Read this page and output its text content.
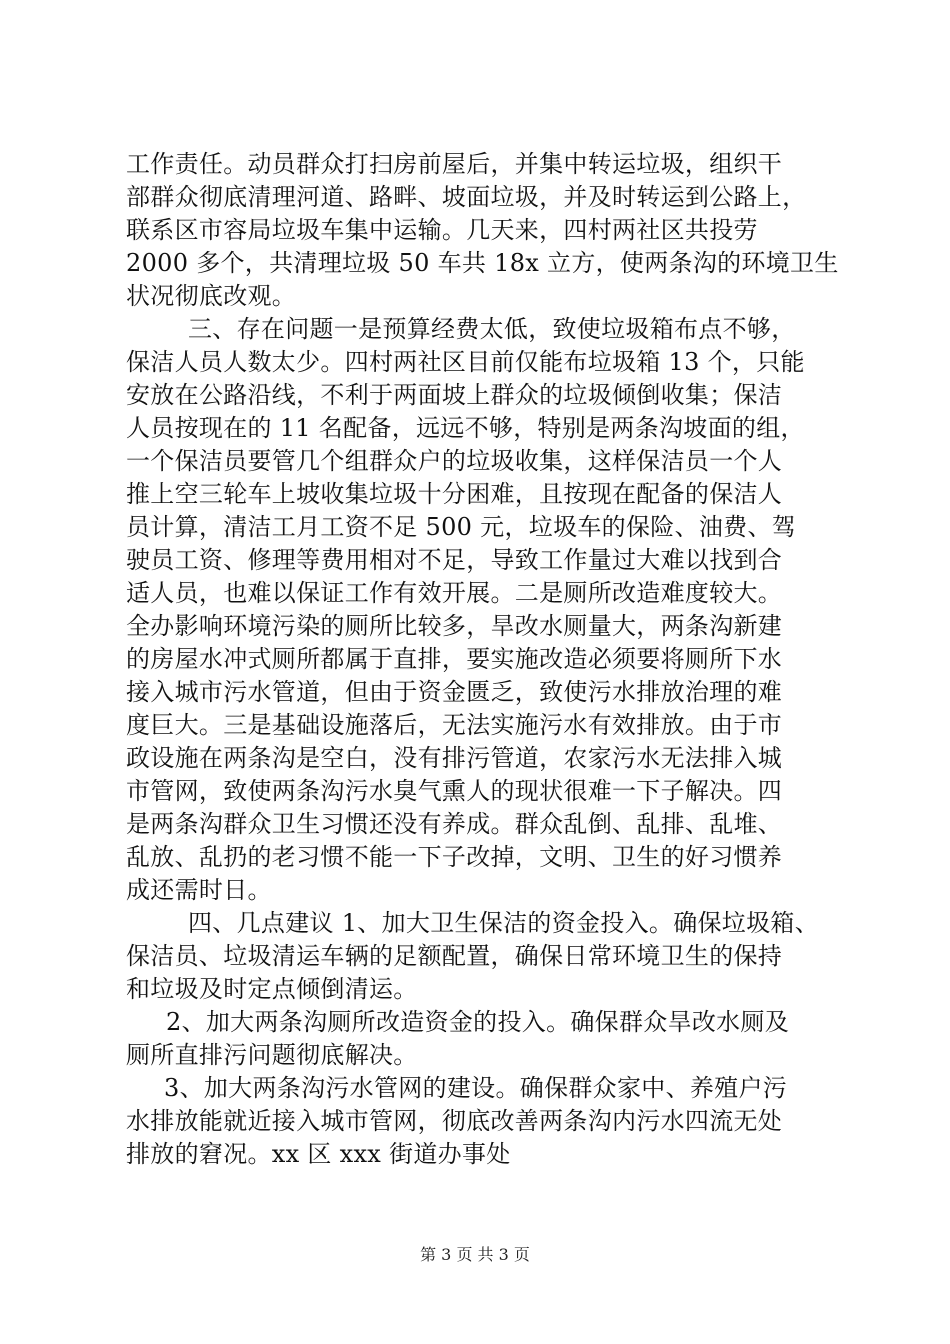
工作责任。动员群众打扫房前屋后，并集中转运垃圾，组织干
部群众彻底清理河道、路畔、坡面垃圾，并及时转运到公路上，
联系区市容局垃圾车集中运输。几天来，四村两社区共投劳
2000 多个，共清理垃圾 50 车共 18x 立方，使两条沟的环境卫生
状况彻底改观。
三、存在问题一是预算经费太低，致使垃圾箱布点不够，
保洁人员人数太少。四村两社区目前仅能布垃圾箱 13 个，只能
安放在公路沿线，不利于两面坡上群众的垃圾倾倒收集；保洁
人员按现在的 11 名配备，远远不够，特别是两条沟坡面的组，
一个保洁员要管几个组群众户的垃圾收集，这样保洁员一个人
推上空三轮车上坡收集垃圾十分困难，且按现在配备的保洁人
员计算，清洁工月工资不足 500 元，垃圾车的保险、油费、驾
驶员工资、修理等费用相对不足，导致工作量过大难以找到合
适人员，也难以保证工作有效开展。二是厕所改造难度较大。
全办影响环境污染的厕所比较多，旱改水厕量大，两条沟新建
的房屋水冲式厕所都属于直排，要实施改造必须要将厕所下水
接入城市污水管道，但由于资金匮乏，致使污水排放治理的难
度巨大。三是基础设施落后，无法实施污水有效排放。由于市
政设施在两条沟是空白，没有排污管道，农家污水无法排入城
市管网，致使两条沟污水臭气熏人的现状很难一下子解决。四
是两条沟群众卫生习惯还没有养成。群众乱倒、乱排、乱堆、
乱放、乱扔的老习惯不能一下子改掉，文明、卫生的好习惯养
成还需时日。
四、几点建议 1、加大卫生保洁的资金投入。确保垃圾箱、
保洁员、垃圾清运车辆的足额配置，确保日常环境卫生的保持
和垃圾及时定点倾倒清运。
2、加大两条沟厕所改造资金的投入。确保群众旱改水厕及
厕所直排污问题彻底解决。
3、加大两条沟污水管网的建设。确保群众家中、养殖户污
水排放能就近接入城市管网，彻底改善两条沟内污水四流无处
排放的窘况。xx 区 xxx 街道办事处
第 3 页 共 3 页
